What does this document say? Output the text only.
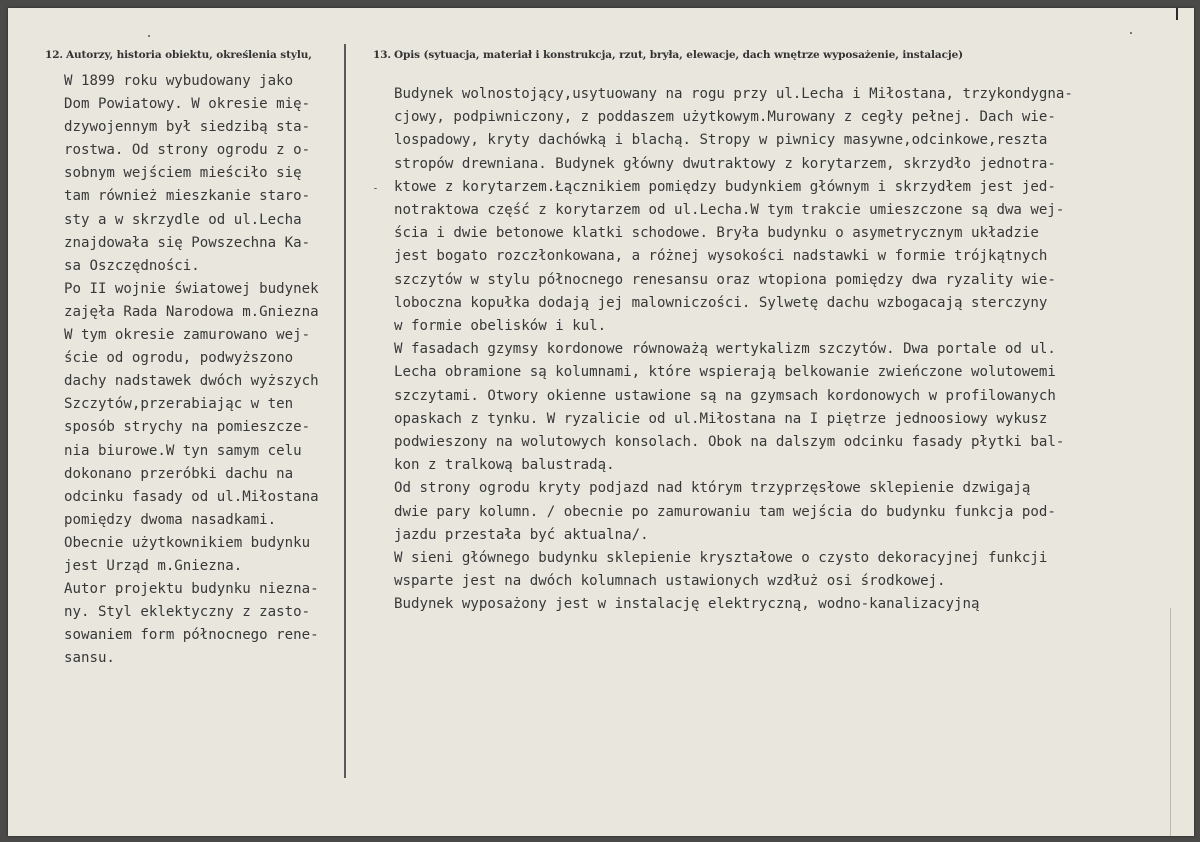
12. Autorzy, historia obiektu, określenia stylu,	13. Opis (sytuacja, materiał i konstrukcja, rzut, bryła, elewacje, dach wnętrze wyposażenie, instalacje)
W 1899 roku wybudowany jako
Dom Powiatowy. W okresie mię-
dzywojennym był siedzibą sta-
rostwa. Od strony ogrodu z o-
sobnym wejściem mieściło się
tam również mieszkanie staro-
sty a w skrzydle od ul.Lecha
znajdowała się Powszechna Ka-
sa Oszczędności.
Po II wojnie światowej budynek
zajęła Rada Narodowa m.Gniezna
W tym okresie zamurowano wej-
ście od ogrodu, podwyższono
dachy nadstawek dwóch wyższych
Szczytów,przerabiając w ten
sposób strychy na pomieszcze-
nia biurowe.W tyn samym celu
dokonano przeróbki dachu na
odcinku fasady od ul.Miłostana
pomiędzy dwoma nasadkami.
Obecnie użytkownikiem budynku
jest Urząd m.Gniezna.
Autor projektu budynku niezna-
ny. Styl eklektyczny z zasto-
sowaniem form północnego rene-
sansu.
Budynek wolnostojący,usytuowany na rogu przy ul.Lecha i Miłostana, trzykondygna-
cjowy, podpiwniczony, z poddaszem użytkowym.Murowany z cegły pełnej. Dach wie-
lospadowy, kryty dachówką i blachą. Stropy w piwnicy masywne,odcinkowe,reszta
stropów drewniana. Budynek główny dwutraktowy z korytarzem, skrzydło jednotra-
ktowe z korytarzem.Łącznikiem pomiędzy budynkiem głównym i skrzydłem jest jed-
notraktowa część z korytarzem od ul.Lecha.W tym trakcie umieszczone są dwa wej-
ścia i dwie betonowe klatki schodowe. Bryła budynku o asymetrycznym układzie
jest bogato rozczłonkowana, a różnej wysokości nadstawki w formie trójkątnych
szczytów w stylu północnego renesansu oraz wtopiona pomiędzy dwa ryzality wie-
loboczna kopułka dodają jej malowniczości. Sylwetę dachu wzbogacają sterczyny
w formie obelisków i kul.
W fasadach gzymsy kordonowe równoważą wertykalizm szczytów. Dwa portale od ul.
Lecha obramione są kolumnami, które wspierają belkowanie zwieńczone wolutowemi
szczytami. Otwory okienne ustawione są na gzymsach kordonowych w profilowanych
opaskach z tynku. W ryzalicie od ul.Miłostana na I piętrze jednoosiowy wykusz
podwieszony na wolutowych konsolach. Obok na dalszym odcinku fasady płytki bal-
kon z tralkową balustradą.
Od strony ogrodu kryty podjazd nad którym trzyprzęsłowe sklepienie dzwigają
dwie pary kolumn. / obecnie po zamurowaniu tam wejścia do budynku funkcja pod-
jazdu przestała być aktualna/.
W sieni głównego budynku sklepienie kryształowe o czysto dekoracyjnej funkcji
wsparte jest na dwóch kolumnach ustawionych wzdłuż osi środkowej.
Budynek wyposażony jest w instalację elektryczną, wodno-kanalizacyjną
